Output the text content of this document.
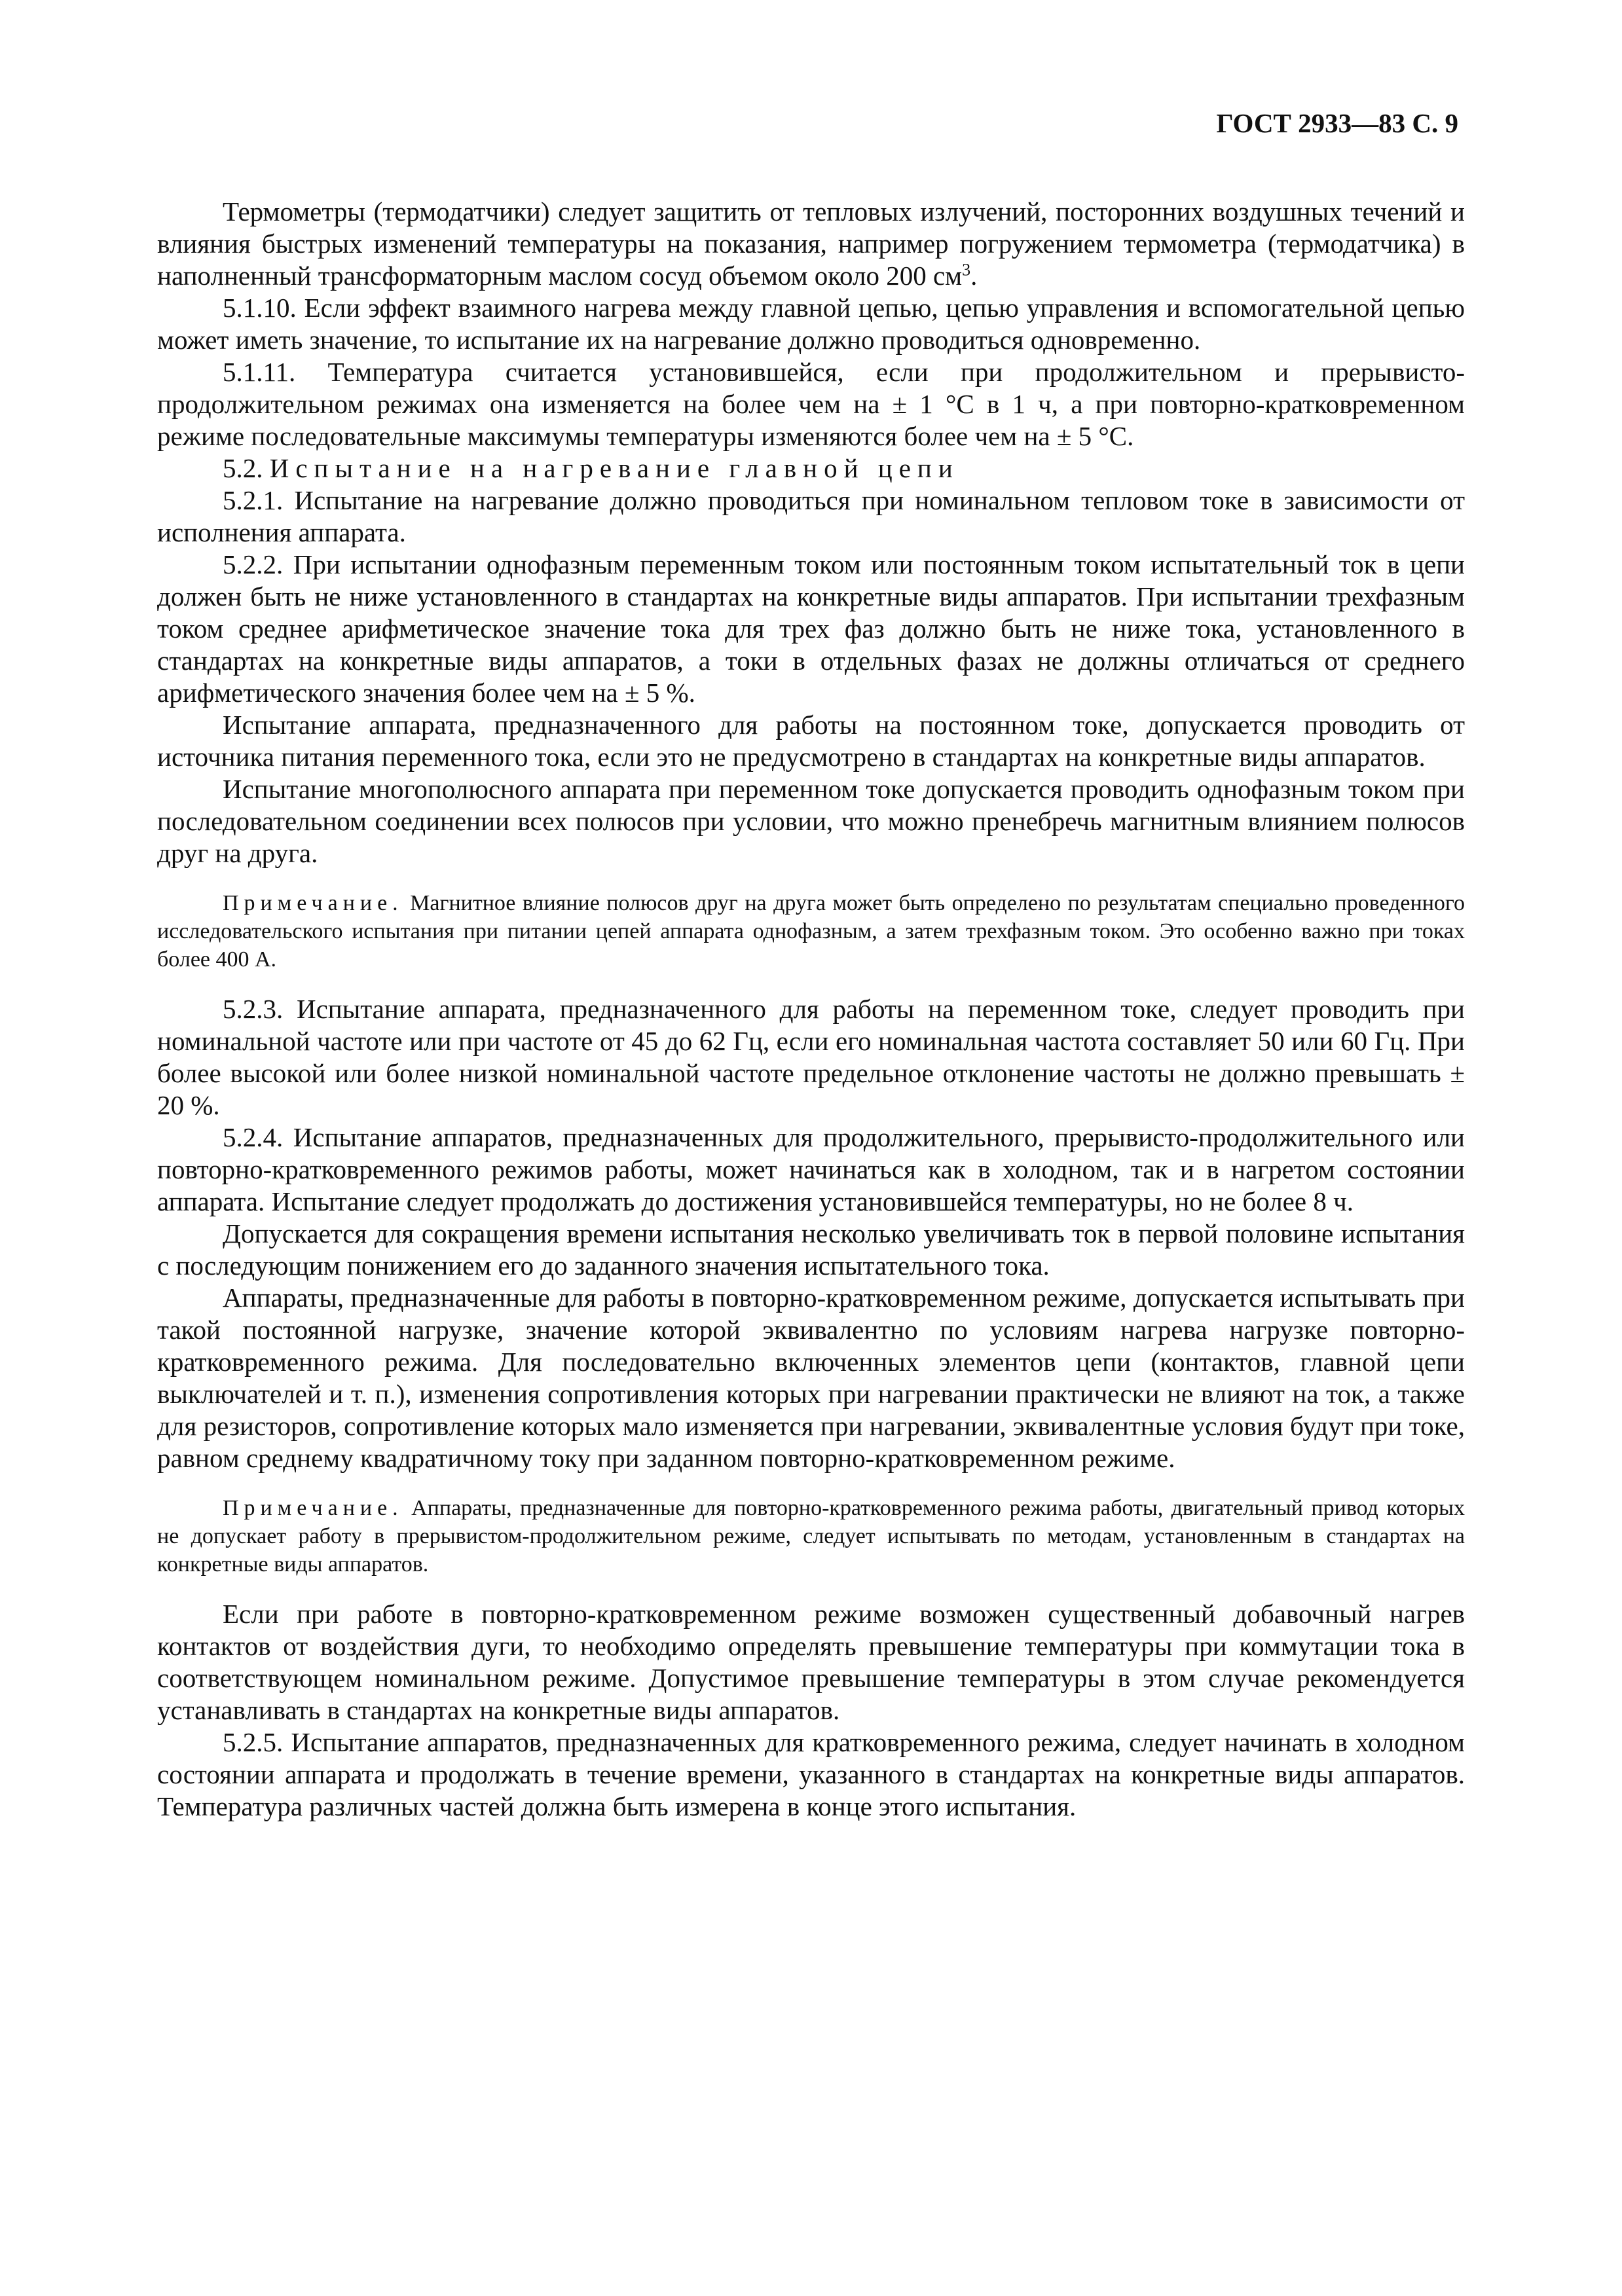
ГОСТ 2933—83 С. 9

Термометры (термодатчики) следует защитить от тепловых излучений, посторонних воздушных течений и влияния быстрых изменений температуры на показания, например погружением термометра (термодатчика) в наполненный трансформаторным маслом сосуд объемом около 200 $см^3$.

5.1.10. Если эффект взаимного нагрева между главной цепью, цепью управления и вспомогательной цепью может иметь значение, то испытание их на нагревание должно проводиться одновременно.

5.1.11. Температура считается установившейся, если при продолжительном и прерывисто-продолжительном режимах она изменяется на более чем на ± 1 °С в 1 ч, а при повторно-кратковременном режиме последовательные максимумы температуры изменяются более чем на ± 5 °С.

5.2. Испытание на нагревание главной цепи

5.2.1. Испытание на нагревание должно проводиться при номинальном тепловом токе в зависимости от исполнения аппарата.

5.2.2. При испытании однофазным переменным током или постоянным током испытательный ток в цепи должен быть не ниже установленного в стандартах на конкретные виды аппаратов. При испытании трехфазным током среднее арифметическое значение тока для трех фаз должно быть не ниже тока, установленного в стандартах на конкретные виды аппаратов, а токи в отдельных фазах не должны отличаться от среднего арифметического значения более чем на ± 5 %.

Испытание аппарата, предназначенного для работы на постоянном токе, допускается проводить от источника питания переменного тока, если это не предусмотрено в стандартах на конкретные виды аппаратов.

Испытание многополюсного аппарата при переменном токе допускается проводить однофазным током при последовательном соединении всех полюсов при условии, что можно пренебречь магнитным влиянием полюсов друг на друга.

Примечание. Магнитное влияние полюсов друг на друга может быть определено по результатам специально проведенного исследовательского испытания при питании цепей аппарата однофазным, а затем трехфазным током. Это особенно важно при токах более 400 А.

5.2.3. Испытание аппарата, предназначенного для работы на переменном токе, следует проводить при номинальной частоте или при частоте от 45 до 62 Гц, если его номинальная частота составляет 50 или 60 Гц. При более высокой или более низкой номинальной частоте предельное отклонение частоты не должно превышать ± 20 %.

5.2.4. Испытание аппаратов, предназначенных для продолжительного, прерывисто-продолжительного или повторно-кратковременного режимов работы, может начинаться как в холодном, так и в нагретом состоянии аппарата. Испытание следует продолжать до достижения установившейся температуры, но не более 8 ч.

Допускается для сокращения времени испытания несколько увеличивать ток в первой половине испытания с последующим понижением его до заданного значения испытательного тока.

Аппараты, предназначенные для работы в повторно-кратковременном режиме, допускается испытывать при такой постоянной нагрузке, значение которой эквивалентно по условиям нагрева нагрузке повторно-кратковременного режима. Для последовательно включенных элементов цепи (контактов, главной цепи выключателей и т. п.), изменения сопротивления которых при нагревании практически не влияют на ток, а также для резисторов, сопротивление которых мало изменяется при нагревании, эквивалентные условия будут при токе, равном среднему квадратичному току при заданном повторно-кратковременном режиме.

Примечание. Аппараты, предназначенные для повторно-кратковременного режима работы, двигательный привод которых не допускает работу в прерывистом-продолжительном режиме, следует испытывать по методам, установленным в стандартах на конкретные виды аппаратов.

Если при работе в повторно-кратковременном режиме возможен существенный добавочный нагрев контактов от воздействия дуги, то необходимо определять превышение температуры при коммутации тока в соответствующем номинальном режиме. Допустимое превышение температуры в этом случае рекомендуется устанавливать в стандартах на конкретные виды аппаратов.

5.2.5. Испытание аппаратов, предназначенных для кратковременного режима, следует начинать в холодном состоянии аппарата и продолжать в течение времени, указанного в стандартах на конкретные виды аппаратов. Температура различных частей должна быть измерена в конце этого испытания.
